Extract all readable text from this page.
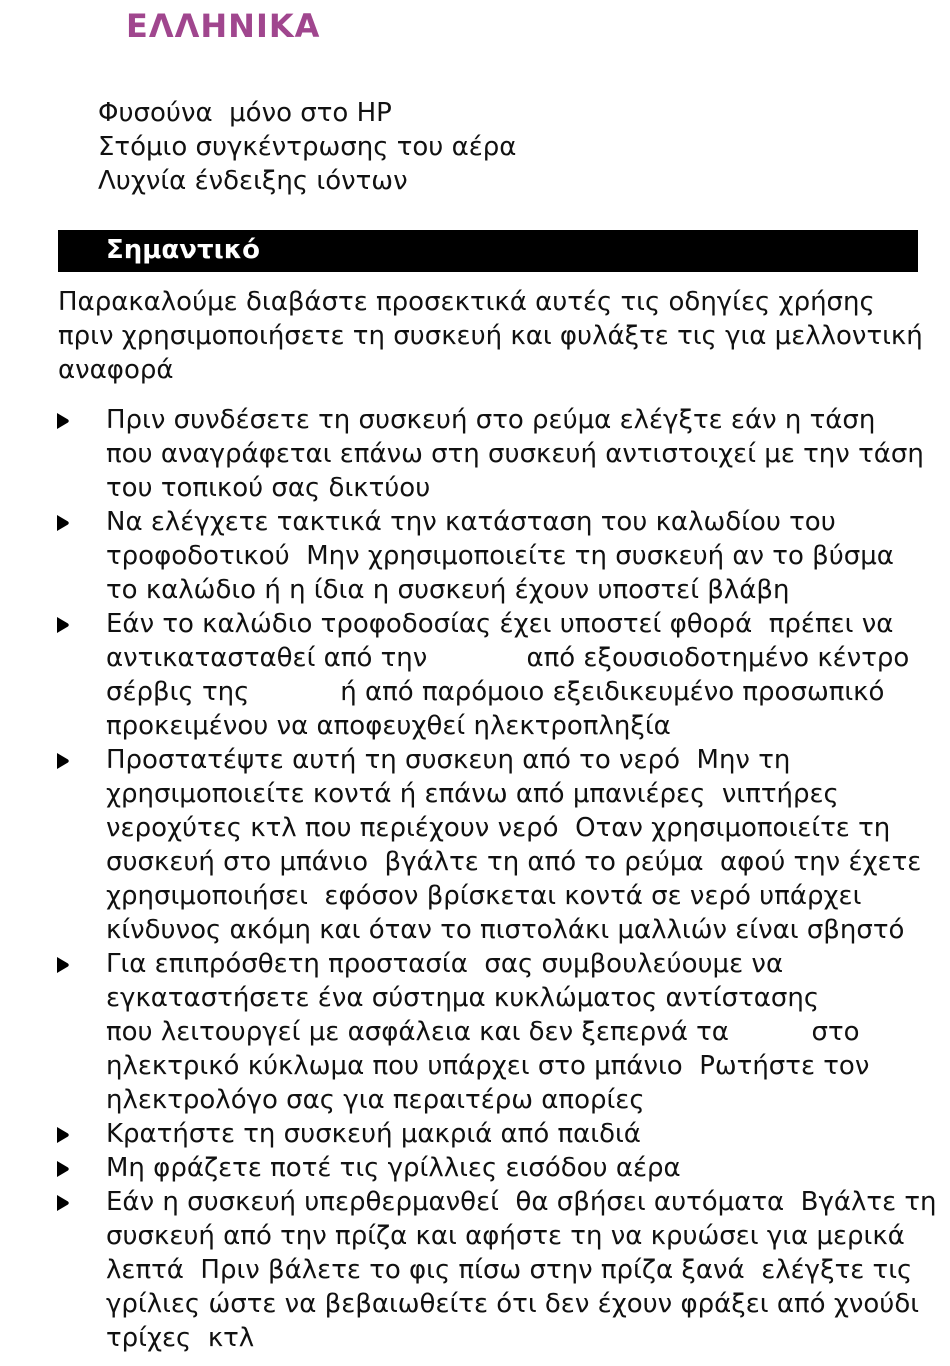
ΕΛΛΗΝΙΚΑ
Φυσούνα  μόνο στο HP
Στόμιο συγκέντρωσης του αέρα
Λυχνία ένδειξης ιόντων
Σημαντικό
Παρακαλούμε διαβάστε προσεκτικά αυτές τις οδηγίες χρήσης
πριν χρησιμοποιήσετε τη συσκευή και φυλάξτε τις για μελλοντική
αναφορά
Πριν συνδέσετε τη συσκευή στο ρεύμα ελέγξτε εάν η τάση
που αναγράφεται επάνω στη συσκευή αντιστοιχεί με την τάση
του τοπικού σας δικτύου
Να ελέγχετε τακτικά την κατάσταση του καλωδίου του
τροφοδοτικού  Μην χρησιμοποιείτε τη συσκευή αν το βύσμα
το καλώδιο ή η ίδια η συσκευή έχουν υποστεί βλάβη
Εάν το καλώδιο τροφοδοσίας έχει υποστεί φθορά  πρέπει να
αντικατασταθεί από την            από εξουσιοδοτημένο κέντρο
σέρβις της           ή από παρόμοιο εξειδικευμένο προσωπικό
προκειμένου να αποφευχθεί ηλεκτροπληξία
Προστατέψτε αυτή τη συσκευη από το νερό  Μην τη
χρησιμοποιείτε κοντά ή επάνω από μπανιέρες  νιπτήρες
νεροχύτες κτλ που περιέχουν νερό  Οταν χρησιμοποιείτε τη
συσκευή στο μπάνιο  βγάλτε τη από το ρεύμα  αφού την έχετε
χρησιμοποιήσει  εφόσον βρίσκεται κοντά σε νερό υπάρχει
κίνδυνος ακόμη και όταν το πιστολάκι μαλλιών είναι σβηστό
Για επιπρόσθετη προστασία  σας συμβουλεύουμε να
εγκαταστήσετε ένα σύστημα κυκλώματος αντίστασης
που λειτουργεί με ασφάλεια και δεν ξεπερνά τα          στο
ηλεκτρικό κύκλωμα που υπάρχει στο μπάνιο  Ρωτήστε τον
ηλεκτρολόγο σας για περαιτέρω απορίες
Κρατήστε τη συσκευή μακριά από παιδιά
Μη φράζετε ποτέ τις γρίλλιες εισόδου αέρα
Εάν η συσκευή υπερθερμανθεί  θα σβήσει αυτόματα  Βγάλτε τη
συσκευή από την πρίζα και αφήστε τη να κρυώσει για μερικά
λεπτά  Πριν βάλετε το φις πίσω στην πρίζα ξανά  ελέγξτε τις
γρίλιες ώστε να βεβαιωθείτε ότι δεν έχουν φράξει από χνούδι
τρίχες  κτλ
